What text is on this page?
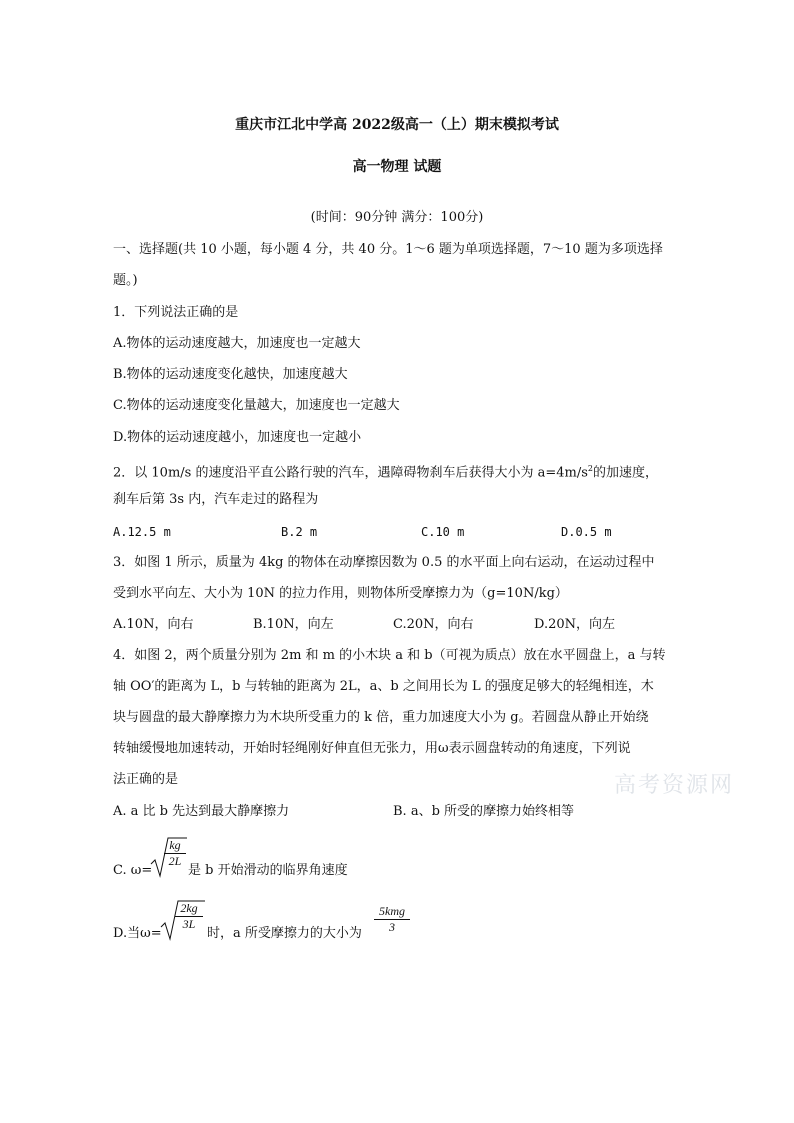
重庆市江北中学高 2022级高一（上）期末模拟考试
高一物理 试题
(时间：90分钟 满分：100分)
一、选择题(共 10 小题，每小题 4 分，共 40 分。1～6 题为单项选择题，7～10 题为多项选择
题。)
1．下列说法正确的是
A.物体的运动速度越大，加速度也一定越大
B.物体的运动速度变化越快，加速度越大
C.物体的运动速度变化量越大，加速度也一定越大
D.物体的运动速度越小，加速度也一定越小
2．以 10m/s 的速度沿平直公路行驶的汽车，遇障碍物刹车后获得大小为 $a=4m/s^2$的加速度，
刹车后第 3s 内，汽车走过的路程为
A.12.5 m	B.2 m	C.10 m	D.0.5 m
3．如图 1 所示，质量为 4kg 的物体在动摩擦因数为 0.5 的水平面上向右运动，在运动过程中
受到水平向左、大小为 10N 的拉力作用，则物体所受摩擦力为（g=10N/kg）
A.10N，向右	B.10N，向左	C.20N，向右	D.20N，向左
4．如图 2，两个质量分别为 2m 和 m 的小木块 a 和 b（可视为质点）放在水平圆盘上，a 与转
轴 OO′的距离为 L，b 与转轴的距离为 2L，a、b 之间用长为 L 的强度足够大的轻绳相连，木
块与圆盘的最大静摩擦力为木块所受重力的 k 倍，重力加速度大小为 g。若圆盘从静止开始绕
转轴缓慢地加速转动，开始时轻绳刚好伸直但无张力，用ω表示圆盘转动的角速度，下列说
法正确的是	高考资源网
A. a 比 b 先达到最大静摩擦力	B. a、b 所受的摩擦力始终相等
C. ω=
$\frac{kg}{2L}$
是 b 开始滑动的临界角速度
D.当ω=
$\frac{2kg}{3L}$
时，a 所受摩擦力的大小为
5kmg
3
